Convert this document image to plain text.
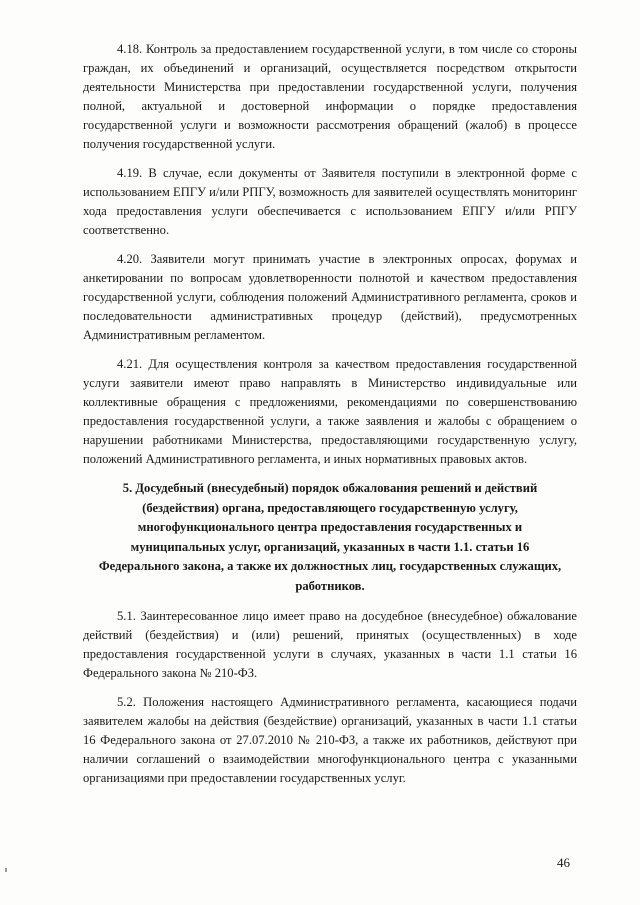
4.18. Контроль за предоставлением государственной услуги, в том числе со стороны граждан, их объединений и организаций, осуществляется посредством открытости деятельности Министерства при предоставлении государственной услуги, получения полной, актуальной и достоверной информации о порядке предоставления государственной услуги и возможности рассмотрения обращений (жалоб) в процессе получения государственной услуги.

4.19. В случае, если документы от Заявителя поступили в электронной форме с использованием ЕПГУ и/или РПГУ, возможность для заявителей осуществлять мониторинг хода предоставления услуги обеспечивается с использованием ЕПГУ и/или РПГУ соответственно.

4.20. Заявители могут принимать участие в электронных опросах, форумах и анкетировании по вопросам удовлетворенности полнотой и качеством предоставления государственной услуги, соблюдения положений Административного регламента, сроков и последовательности административных процедур (действий), предусмотренных Административным регламентом.

4.21. Для осуществления контроля за качеством предоставления государственной услуги заявители имеют право направлять в Министерство индивидуальные или коллективные обращения с предложениями, рекомендациями по совершенствованию предоставления государственной услуги, а также заявления и жалобы с обращением о нарушении работниками Министерства, предоставляющими государственную услугу, положений Административного регламента, и иных нормативных правовых актов.

5. Досудебный (внесудебный) порядок обжалования решений и действий (бездействия) органа, предоставляющего государственную услугу, многофункционального центра предоставления государственных и муниципальных услуг, организаций, указанных в части 1.1. статьи 16 Федерального закона, а также их должностных лиц, государственных служащих, работников.

5.1. Заинтересованное лицо имеет право на досудебное (внесудебное) обжалование действий (бездействия) и (или) решений, принятых (осуществленных) в ходе предоставления государственной услуги в случаях, указанных в части 1.1 статьи 16 Федерального закона № 210-ФЗ.

5.2. Положения настоящего Административного регламента, касающиеся подачи заявителем жалобы на действия (бездействие) организаций, указанных в части 1.1 статьи 16 Федерального закона от 27.07.2010 № 210-ФЗ, а также их работников, действуют при наличии соглашений о взаимодействии многофункционального центра с указанными организациями при предоставлении государственных услуг.

46
